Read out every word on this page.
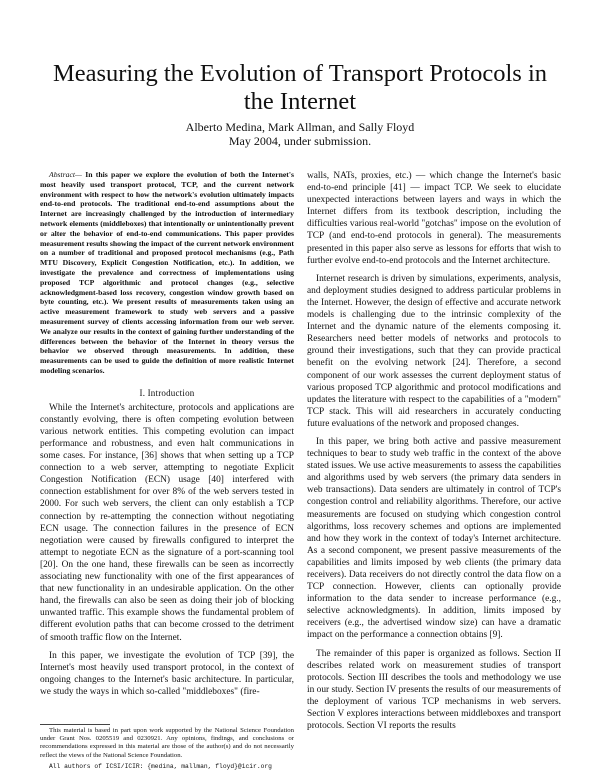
Measuring the Evolution of Transport Protocols in the Internet
Alberto Medina, Mark Allman, and Sally Floyd
May 2004, under submission.

Abstract— In this paper we explore the evolution of both the Internet's most heavily used transport protocol, TCP, and the current network environment with respect to how the network's evolution ultimately impacts end-to-end protocols. The traditional end-to-end assumptions about the Internet are increasingly challenged by the introduction of intermediary network elements (middleboxes) that intentionally or unintentionally prevent or alter the behavior of end-to-end communications. This paper provides measurement results showing the impact of the current network environment on a number of traditional and proposed protocol mechanisms (e.g., Path MTU Discovery, Explicit Congestion Notification, etc.). In addition, we investigate the prevalence and correctness of implementations using proposed TCP algorithmic and protocol changes (e.g., selective acknowledgment-based loss recovery, congestion window growth based on byte counting, etc.). We present results of measurements taken using an active measurement framework to study web servers and a passive measurement survey of clients accessing information from our web server. We analyze our results in the context of gaining further understanding of the differences between the behavior of the Internet in theory versus the behavior we observed through measurements. In addition, these measurements can be used to guide the definition of more realistic Internet modeling scenarios.

I. Introduction

While the Internet's architecture, protocols and applications are constantly evolving, there is often competing evolution between various network entities. This competing evolution can impact performance and robustness, and even halt communications in some cases. For instance, [36] shows that when setting up a TCP connection to a web server, attempting to negotiate Explicit Congestion Notification (ECN) usage [40] interfered with connection establishment for over 8% of the web servers tested in 2000. For such web servers, the client can only establish a TCP connection by re-attempting the connection without negotiating ECN usage. The connection failures in the presence of ECN negotiation were caused by firewalls configured to interpret the attempt to negotiate ECN as the signature of a port-scanning tool [20]. On the one hand, these firewalls can be seen as incorrectly associating new functionality with one of the first appearances of that new functionality in an undesirable application. On the other hand, the firewalls can also be seen as doing their job of blocking unwanted traffic. This example shows the fundamental problem of different evolution paths that can become crossed to the detriment of smooth traffic flow on the Internet.

In this paper, we investigate the evolution of TCP [39], the Internet's most heavily used transport protocol, in the context of ongoing changes to the Internet's basic architecture. In particular, we study the ways in which so-called "middleboxes" (fire-

walls, NATs, proxies, etc.) — which change the Internet's basic end-to-end principle [41] — impact TCP. We seek to elucidate unexpected interactions between layers and ways in which the Internet differs from its textbook description, including the difficulties various real-world "gotchas" impose on the evolution of TCP (and end-to-end protocols in general). The measurements presented in this paper also serve as lessons for efforts that wish to further evolve end-to-end protocols and the Internet architecture.

Internet research is driven by simulations, experiments, analysis, and deployment studies designed to address particular problems in the Internet. However, the design of effective and accurate network models is challenging due to the intrinsic complexity of the Internet and the dynamic nature of the elements composing it. Researchers need better models of networks and protocols to ground their investigations, such that they can provide practical benefit on the evolving network [24]. Therefore, a second component of our work assesses the current deployment status of various proposed TCP algorithmic and protocol modifications and updates the literature with respect to the capabilities of a "modern" TCP stack. This will aid researchers in accurately conducting future evaluations of the network and proposed changes.

In this paper, we bring both active and passive measurement techniques to bear to study web traffic in the context of the above stated issues. We use active measurements to assess the capabilities and algorithms used by web servers (the primary data senders in web transactions). Data senders are ultimately in control of TCP's congestion control and reliability algorithms. Therefore, our active measurements are focused on studying which congestion control algorithms, loss recovery schemes and options are implemented and how they work in the context of today's Internet architecture. As a second component, we present passive measurements of the capabilities and limits imposed by web clients (the primary data receivers). Data receivers do not directly control the data flow on a TCP connection. However, clients can optionally provide information to the data sender to increase performance (e.g., selective acknowledgments). In addition, limits imposed by receivers (e.g., the advertised window size) can have a dramatic impact on the performance a connection obtains [9].

The remainder of this paper is organized as follows. Section II describes related work on measurement studies of transport protocols. Section III describes the tools and methodology we use in our study. Section IV presents the results of our measurements of the deployment of various TCP mechanisms in web servers. Section V explores interactions between middleboxes and transport protocols. Section VI reports the results

This material is based in part upon work supported by the National Science Foundation under Grant Nos. 0205519 and 0230921. Any opinions, findings, and conclusions or recommendations expressed in this material are those of the author(s) and do not necessarily reflect the views of the National Science Foundation.

All authors of ICSI/ICIR: {medina, mallman, floyd}@icir.org
